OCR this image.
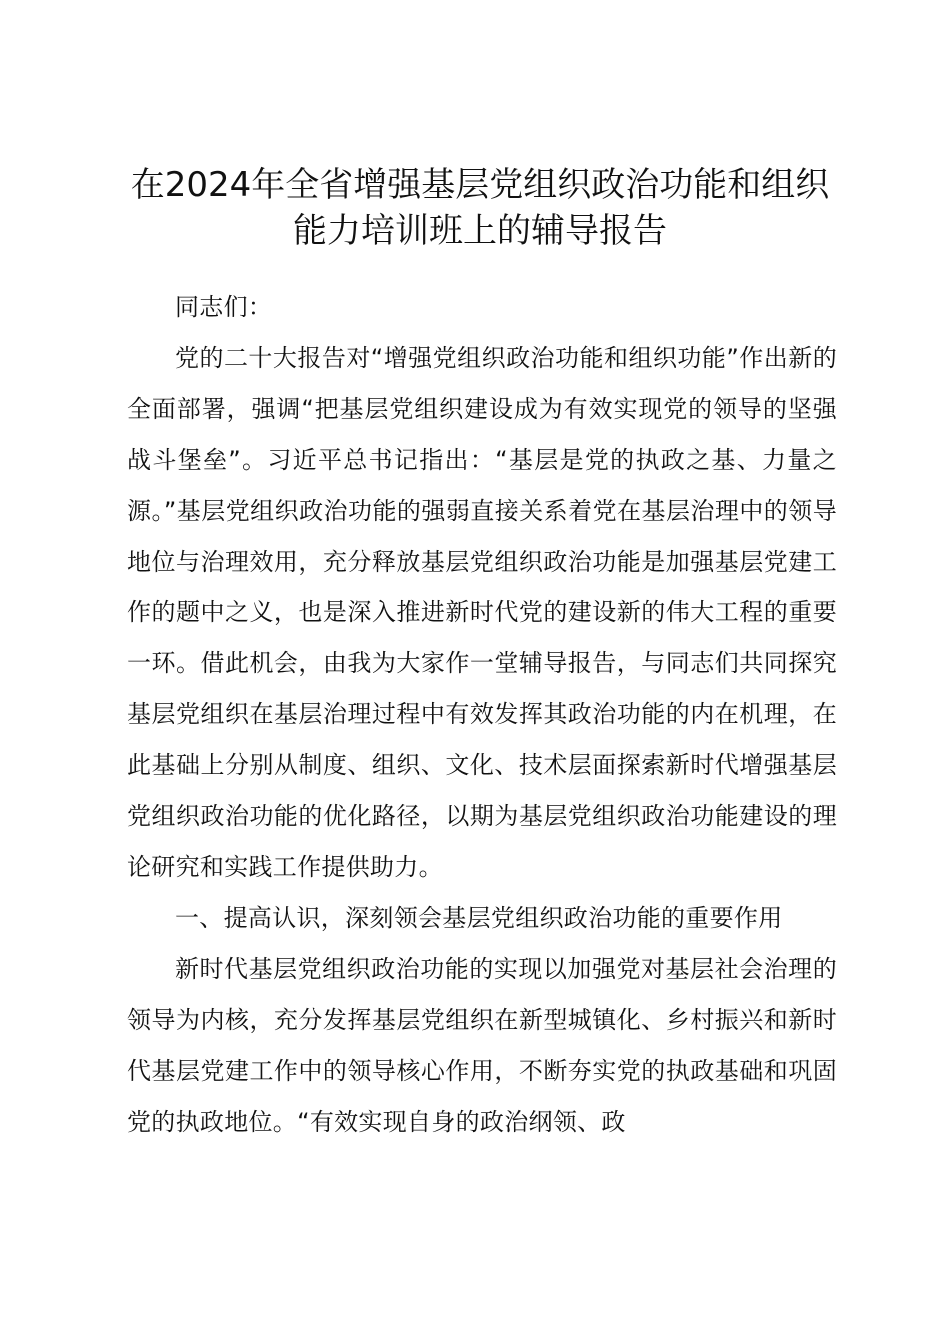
在2024年全省增强基层党组织政治功能和组织能力培训班上的辅导报告

同志们：

党的二十大报告对“增强党组织政治功能和组织功能”作出新的全面部署，强调“把基层党组织建设成为有效实现党的领导的坚强战斗堡垒”。习近平总书记指出：“基层是党的执政之基、力量之源。”基层党组织政治功能的强弱直接关系着党在基层治理中的领导地位与治理效用，充分释放基层党组织政治功能是加强基层党建工作的题中之义，也是深入推进新时代党的建设新的伟大工程的重要一环。借此机会，由我为大家作一堂辅导报告，与同志们共同探究基层党组织在基层治理过程中有效发挥其政治功能的内在机理，在此基础上分别从制度、组织、文化、技术层面探索新时代增强基层党组织政治功能的优化路径，以期为基层党组织政治功能建设的理论研究和实践工作提供助力。

一、提高认识，深刻领会基层党组织政治功能的重要作用

新时代基层党组织政治功能的实现以加强党对基层社会治理的领导为内核，充分发挥基层党组织在新型城镇化、乡村振兴和新时代基层党建工作中的领导核心作用，不断夯实党的执政基础和巩固党的执政地位。“有效实现自身的政治纲领、政
